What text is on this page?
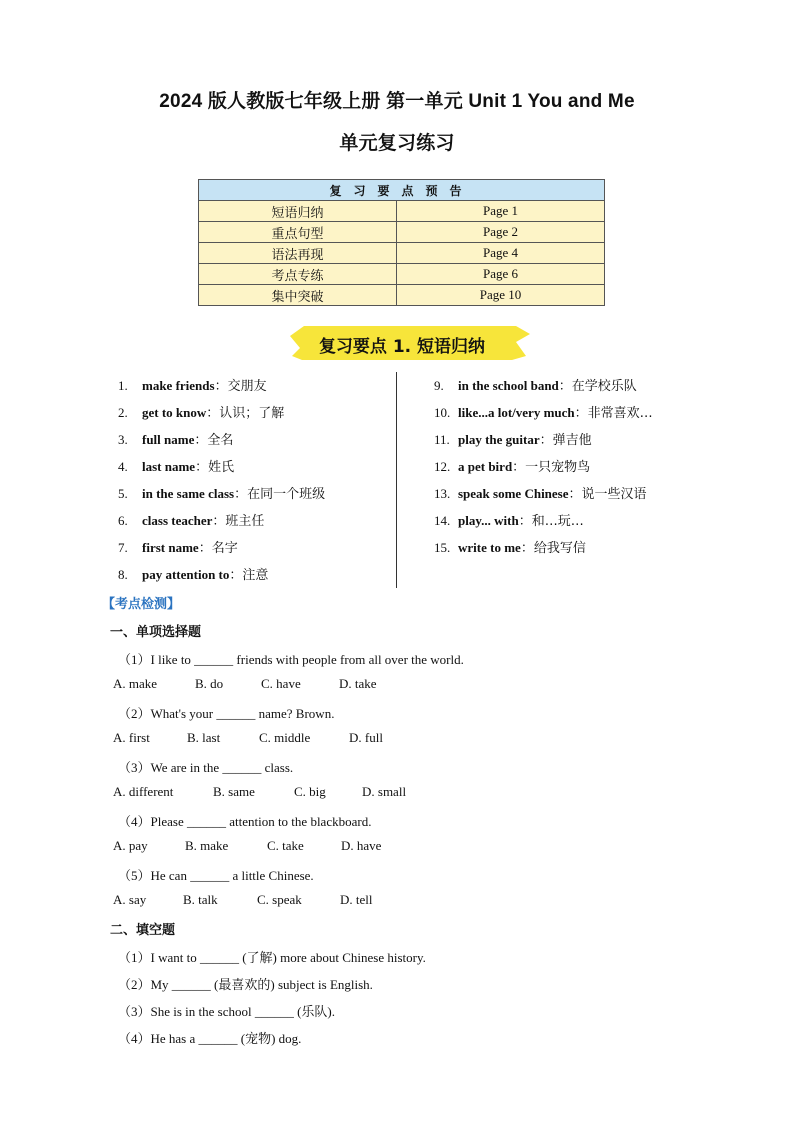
2024 版人教版七年级上册 第一单元 Unit 1 You and Me
单元复习练习
复习要点预告	
短语归纳	Page 1
重点句型	Page 2
语法再现	Page 4
考点专练	Page 6
集中突破	Page 10
复习要点 1. 短语归纳
1. make friends：交朋友
2. get to know：认识；了解
3. full name：全名
4. last name：姓氏
5. in the same class：在同一个班级
6. class teacher：班主任
7. first name：名字
8. pay attention to：注意
9. in the school band：在学校乐队
10. like...a lot/very much：非常喜欢…
11. play the guitar：弹吉他
12. a pet bird：一只宠物鸟
13. speak some Chinese：说一些汉语
14. play... with：和…玩…
15. write to me：给我写信
【考点检测】
一、单项选择题
（1）I like to ______ friends with people from all over the world.
A. make	B. do	C. have	D. take
（2）What's your ______ name? Brown.
A. first	B. last	C. middle	D. full
（3）We are in the ______ class.
A. different	B. same	C. big	D. small
（4）Please ______ attention to the blackboard.
A. pay	B. make	C. take	D. have
（5）He can ______ a little Chinese.
A. say	B. talk	C. speak	D. tell
二、填空题
（1）I want to ______ (了解) more about Chinese history.
（2）My ______ (最喜欢的) subject is English.
（3）She is in the school ______ (乐队).
（4）He has a ______ (宠物) dog.
